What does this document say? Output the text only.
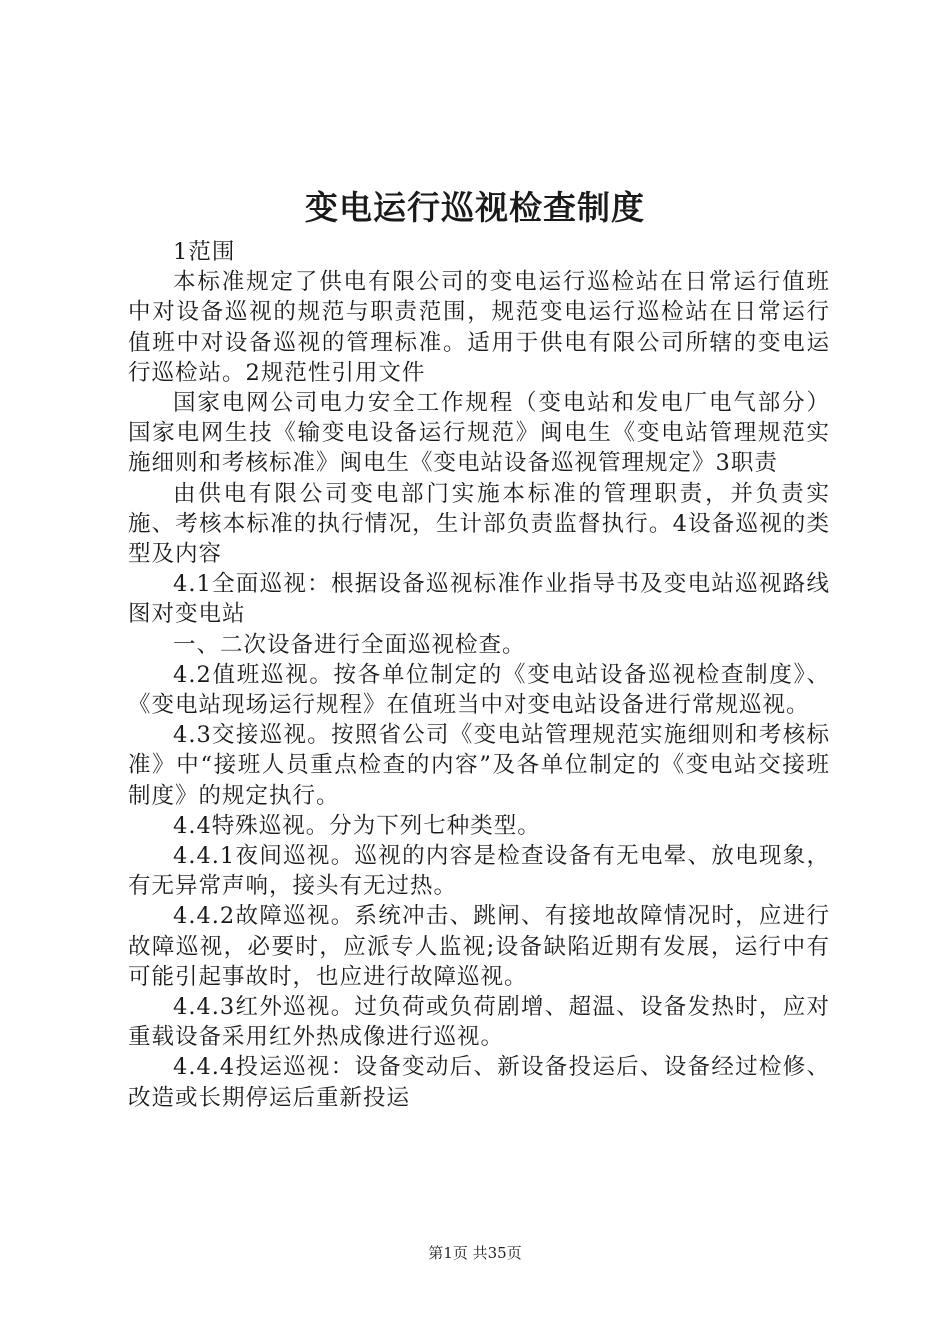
变电运行巡视检查制度

1范围

本标准规定了供电有限公司的变电运行巡检站在日常运行值班中对设备巡视的规范与职责范围，规范变电运行巡检站在日常运行值班中对设备巡视的管理标准。适用于供电有限公司所辖的变电运行巡检站。2规范性引用文件

国家电网公司电力安全工作规程（变电站和发电厂电气部分）国家电网生技《输变电设备运行规范》闽电生《变电站管理规范实施细则和考核标准》闽电生《变电站设备巡视管理规定》3职责

由供电有限公司变电部门实施本标准的管理职责，并负责实施、考核本标准的执行情况，生计部负责监督执行。4设备巡视的类型及内容

4.1全面巡视：根据设备巡视标准作业指导书及变电站巡视路线图对变电站

一、二次设备进行全面巡视检查。

4.2值班巡视。按各单位制定的《变电站设备巡视检查制度》、《变电站现场运行规程》在值班当中对变电站设备进行常规巡视。

4.3交接巡视。按照省公司《变电站管理规范实施细则和考核标准》中“接班人员重点检查的内容”及各单位制定的《变电站交接班制度》的规定执行。

4.4特殊巡视。分为下列七种类型。

4.4.1夜间巡视。巡视的内容是检查设备有无电晕、放电现象，有无异常声响，接头有无过热。

4.4.2故障巡视。系统冲击、跳闸、有接地故障情况时，应进行故障巡视，必要时，应派专人监视;设备缺陷近期有发展，运行中有可能引起事故时，也应进行故障巡视。

4.4.3红外巡视。过负荷或负荷剧增、超温、设备发热时，应对重载设备采用红外热成像进行巡视。

4.4.4投运巡视：设备变动后、新设备投运后、设备经过检修、改造或长期停运后重新投运

第1页 共35页
